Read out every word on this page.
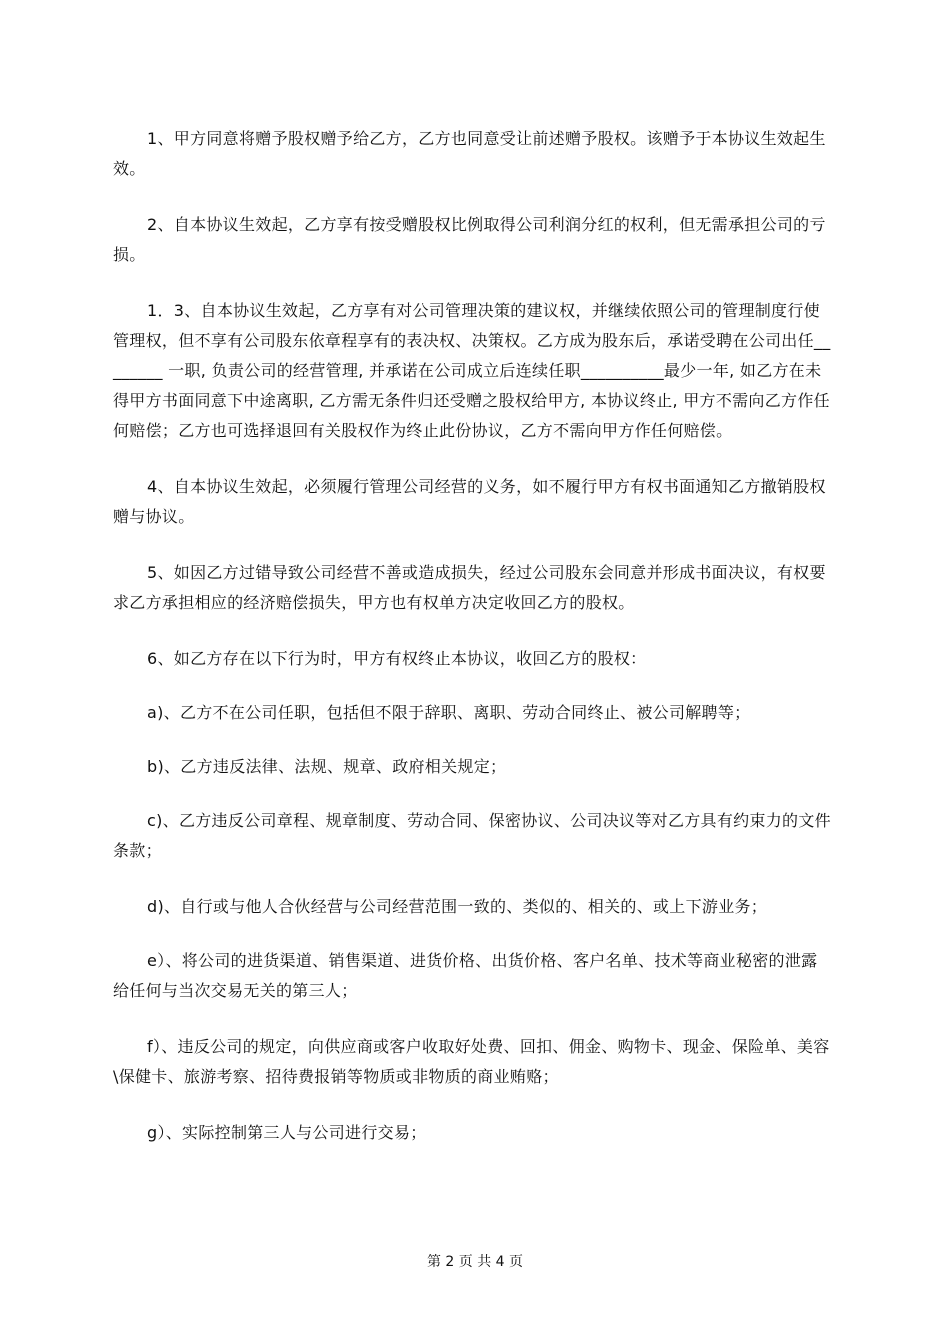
1、甲方同意将赠予股权赠予给乙方，乙方也同意受让前述赠予股权。该赠予于本协议生效起生效。

2、自本协议生效起，乙方享有按受赠股权比例取得公司利润分红的权利，但无需承担公司的亏损。

1．3、自本协议生效起，乙方享有对公司管理决策的建议权，并继续依照公司的管理制度行使管理权，但不享有公司股东依章程享有的表决权、决策权。乙方成为股东后，承诺受聘在公司出任________ 一职, 负责公司的经营管理, 并承诺在公司成立后连续任职__________最少一年, 如乙方在未得甲方书面同意下中途离职, 乙方需无条件归还受赠之股权给甲方, 本协议终止, 甲方不需向乙方作任何赔偿；乙方也可选择退回有关股权作为终止此份协议，乙方不需向甲方作任何赔偿。

4、自本协议生效起，必须履行管理公司经营的义务，如不履行甲方有权书面通知乙方撤销股权赠与协议。

5、如因乙方过错导致公司经营不善或造成损失，经过公司股东会同意并形成书面决议，有权要求乙方承担相应的经济赔偿损失，甲方也有权单方决定收回乙方的股权。

6、如乙方存在以下行为时，甲方有权终止本协议，收回乙方的股权：

a)、乙方不在公司任职，包括但不限于辞职、离职、劳动合同终止、被公司解聘等；

b)、乙方违反法律、法规、规章、政府相关规定；

c)、乙方违反公司章程、规章制度、劳动合同、保密协议、公司决议等对乙方具有约束力的文件条款；

d)、自行或与他人合伙经营与公司经营范围一致的、类似的、相关的、或上下游业务；

e）、将公司的进货渠道、销售渠道、进货价格、出货价格、客户名单、技术等商业秘密的泄露给任何与当次交易无关的第三人；

f）、违反公司的规定，向供应商或客户收取好处费、回扣、佣金、购物卡、现金、保险单、美容\保健卡、旅游考察、招待费报销等物质或非物质的商业贿赂；

g）、实际控制第三人与公司进行交易；

第 2 页 共 4 页
